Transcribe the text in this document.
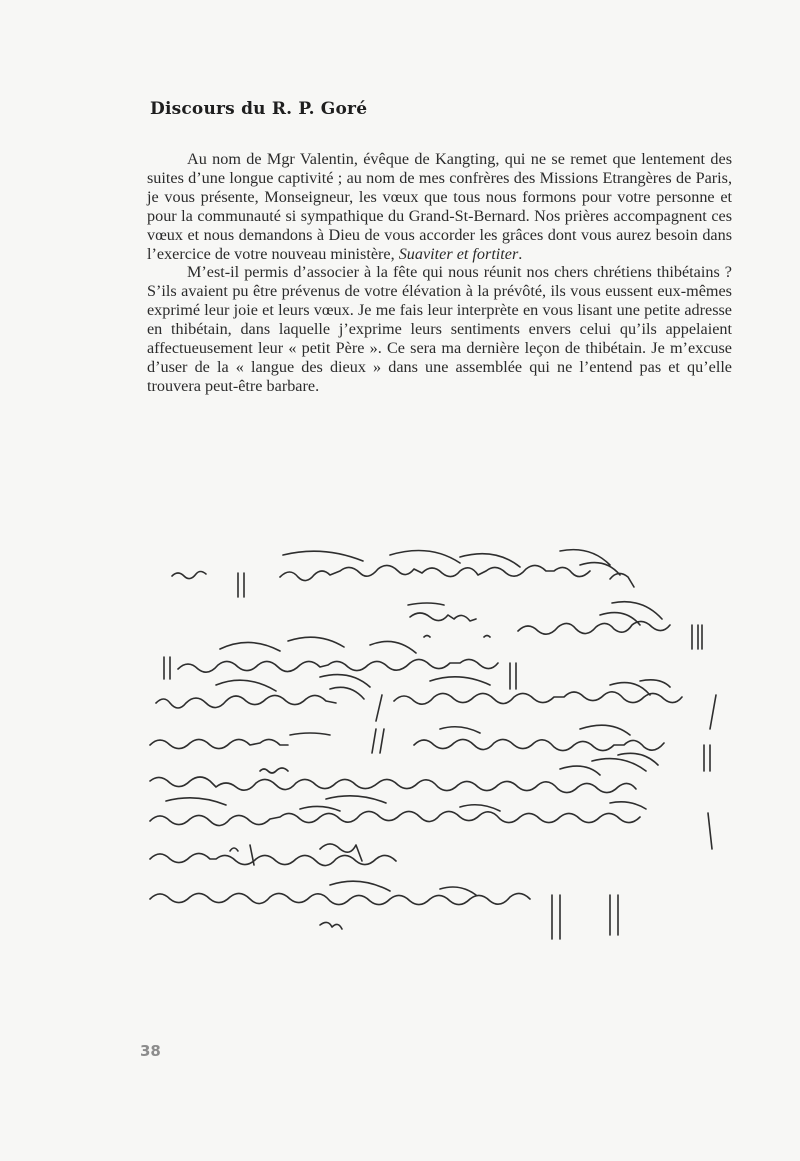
Discours du R. P. Goré

Au nom de Mgr Valentin, évêque de Kangting, qui ne se remet que lentement des suites d’une longue captivité ; au nom de mes confrères des Missions Etrangères de Paris, je vous présente, Monseigneur, les vœux que tous nous formons pour votre personne et pour la communauté si sympathique du Grand-St-Bernard. Nos prières accompagnent ces vœux et nous demandons à Dieu de vous accorder les grâces dont vous aurez besoin dans l’exercice de votre nouveau ministère, Suaviter et fortiter.

M’est-il permis d’associer à la fête qui nous réunit nos chers chrétiens thibétains ? S’ils avaient pu être prévenus de votre élévation à la prévôté, ils vous eussent eux-mêmes exprimé leur joie et leurs vœux. Je me fais leur interprète en vous lisant une petite adresse en thibétain, dans laquelle j’exprime leurs sentiments envers celui qu’ils appelaient affectueusement leur « petit Père ». Ce sera ma dernière leçon de thibétain. Je m’excuse d’user de la « langue des dieux » dans une assemblée qui ne l’entend pas et qu’elle trouvera peut-être barbare.

38
